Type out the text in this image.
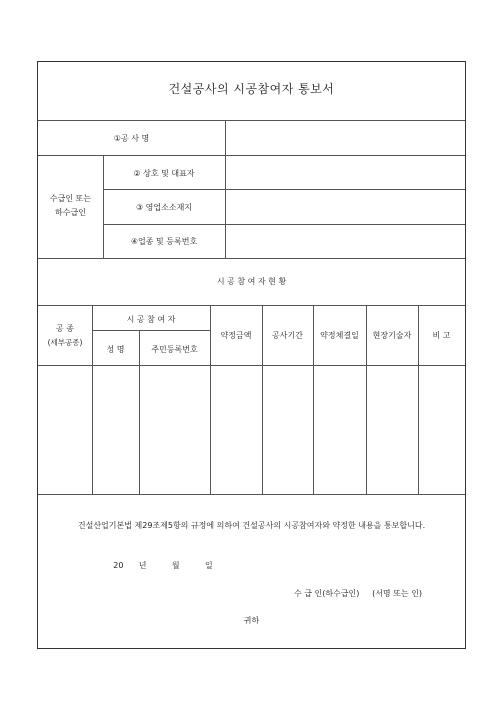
건설공사의 시공참여자 통보서
①공 사 명
수급인 또는
하수급인
② 상호 및 대표자
③ 영업소소재지
④업종 및 등록번호
시 공 참 여 자 현 황
공 종
(세부공종)
시 공 참 여 자
성 명	주민등록번호
약정금액	공사기간	약정체결일	현장기술자	비 고
건설산업기본법 제29조제5항의 규정에 의하여 건설공사의 시공참여자와 약정한 내용을 통보합니다.
20      년          월          일
수 급 인(하수급인)     (서명 또는 인)
귀하
